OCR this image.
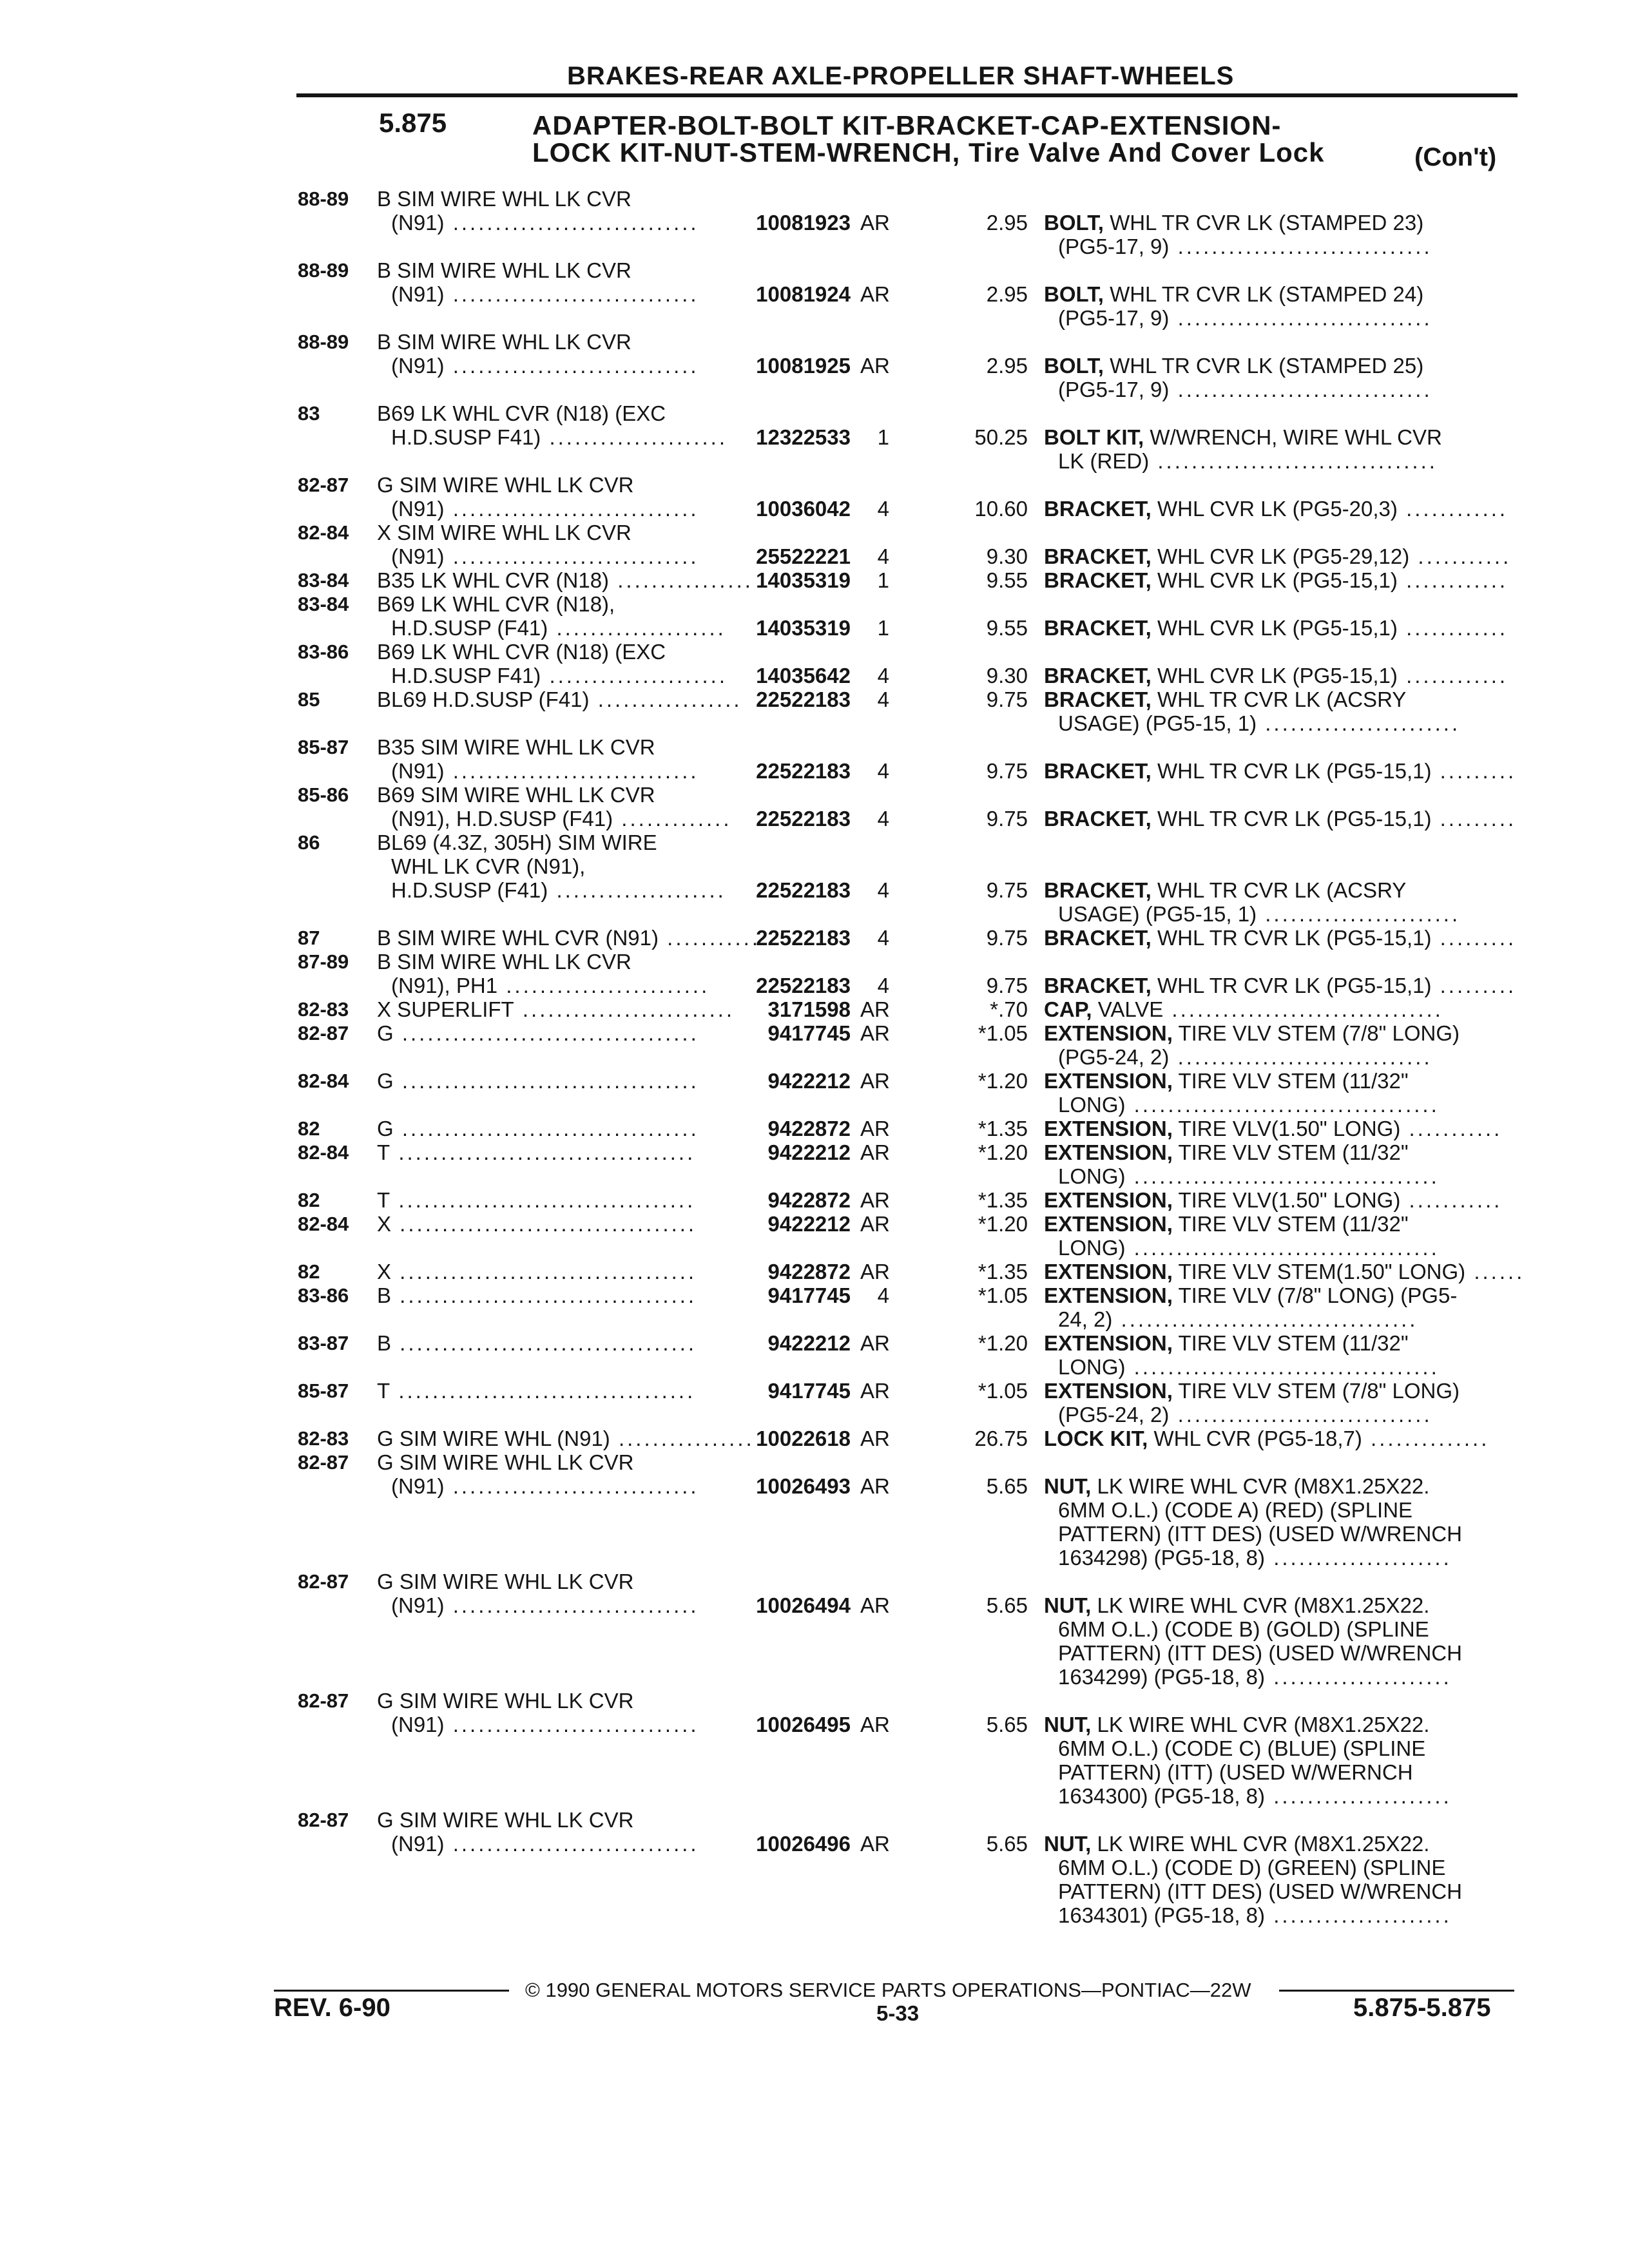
BRAKES-REAR AXLE-PROPELLER SHAFT-WHEELS
5.875	ADAPTER-BOLT-BOLT KIT-BRACKET-CAP-EXTENSION-
LOCK KIT-NUT-STEM-WRENCH, Tire Valve And Cover Lock	(Con't)
88-89	B SIM WIRE WHL LK CVR
(N91) .............................	10081923 AR	2.95 BOLT, WHL TR CVR LK (STAMPED 23)
(PG5-17, 9) ..............................
88-89	B SIM WIRE WHL LK CVR
(N91) .............................	10081924 AR	2.95 BOLT, WHL TR CVR LK (STAMPED 24)
(PG5-17, 9) ..............................
88-89	B SIM WIRE WHL LK CVR
(N91) .............................	10081925 AR	2.95 BOLT, WHL TR CVR LK (STAMPED 25)
(PG5-17, 9) ..............................
83	B69 LK WHL CVR (N18) (EXC
H.D.SUSP F41) .....................	12322533	1	50.25 BOLT KIT, W/WRENCH, WIRE WHL CVR
LK (RED) .................................
82-87	G SIM WIRE WHL LK CVR
(N91) .............................	10036042	4	10.60 BRACKET, WHL CVR LK (PG5-20,3) ............
82-84	X SIM WIRE WHL LK CVR
(N91) .............................	25522221	4	9.30 BRACKET, WHL CVR LK (PG5-29,12) ...........
83-84	B35 LK WHL CVR (N18) ................ 14035319	1	9.55 BRACKET, WHL CVR LK (PG5-15,1) ............
83-84	B69 LK WHL CVR (N18),
H.D.SUSP (F41) ....................	14035319	1	9.55 BRACKET, WHL CVR LK (PG5-15,1) ............
83-86	B69 LK WHL CVR (N18) (EXC
H.D.SUSP F41) .....................	14035642	4	9.30 BRACKET, WHL CVR LK (PG5-15,1) ............
85	BL69 H.D.SUSP (F41) ................. 22522183	4	9.75 BRACKET, WHL TR CVR LK (ACSRY
USAGE) (PG5-15, 1) .......................
85-87	B35 SIM WIRE WHL LK CVR
(N91) .............................	22522183	4	9.75 BRACKET, WHL TR CVR LK (PG5-15,1) .........
85-86	B69 SIM WIRE WHL LK CVR
(N91), H.D.SUSP (F41) .............	22522183	4	9.75 BRACKET, WHL TR CVR LK (PG5-15,1) .........
86	BL69 (4.3Z, 305H) SIM WIRE
WHL LK CVR (N91),
H.D.SUSP (F41) ....................	22522183	4	9.75 BRACKET, WHL TR CVR LK (ACSRY
USAGE) (PG5-15, 1) .......................
87	B SIM WIRE WHL CVR (N91) ............
22522183	4	9.75 BRACKET, WHL TR CVR LK (PG5-15,1) .........
87-89	B SIM WIRE WHL LK CVR
(N91), PH1 ........................	22522183	4	9.75 BRACKET, WHL TR CVR LK (PG5-15,1) .........
82-83	X SUPERLIFT .........................	3171598 AR	*.70 CAP, VALVE ................................
82-87	G ...................................	9417745 AR	*1.05 EXTENSION, TIRE VLV STEM (7/8" LONG)
(PG5-24, 2) ..............................
82-84	G ...................................	9422212 AR	*1.20 EXTENSION, TIRE VLV STEM (11/32"
LONG) ....................................
82	G ...................................	9422872 AR	*1.35 EXTENSION, TIRE VLV(1.50" LONG) ...........
82-84	T ...................................	9422212 AR	*1.20 EXTENSION, TIRE VLV STEM (11/32"
LONG) ....................................
82	T ...................................	9422872 AR	*1.35 EXTENSION, TIRE VLV(1.50" LONG) ...........
82-84	X ...................................	9422212 AR	*1.20 EXTENSION, TIRE VLV STEM (11/32"
LONG) ....................................
82	X ...................................	9422872 AR	*1.35 EXTENSION, TIRE VLV STEM(1.50" LONG) ......
83-86	B ...................................	9417745	4	*1.05 EXTENSION, TIRE VLV (7/8" LONG) (PG5-
24, 2) ...................................
83-87	B ...................................	9422212 AR	*1.20 EXTENSION, TIRE VLV STEM (11/32"
LONG) ....................................
85-87	T ...................................	9417745 AR	*1.05 EXTENSION, TIRE VLV STEM (7/8" LONG)
(PG5-24, 2) ..............................
82-83	G SIM WIRE WHL (N91) ................ 10022618 AR	26.75 LOCK KIT, WHL CVR (PG5-18,7) ..............
82-87	G SIM WIRE WHL LK CVR
(N91) .............................	10026493 AR	5.65 NUT, LK WIRE WHL CVR (M8X1.25X22.
6MM O.L.) (CODE A) (RED) (SPLINE
PATTERN) (ITT DES) (USED W/WRENCH
1634298) (PG5-18, 8) .....................
82-87	G SIM WIRE WHL LK CVR
(N91) .............................	10026494 AR	5.65 NUT, LK WIRE WHL CVR (M8X1.25X22.
6MM O.L.) (CODE B) (GOLD) (SPLINE
PATTERN) (ITT DES) (USED W/WRENCH
1634299) (PG5-18, 8) .....................
82-87	G SIM WIRE WHL LK CVR
(N91) .............................	10026495 AR	5.65 NUT, LK WIRE WHL CVR (M8X1.25X22.
6MM O.L.) (CODE C) (BLUE) (SPLINE
PATTERN) (ITT) (USED W/WERNCH
1634300) (PG5-18, 8) .....................
82-87	G SIM WIRE WHL LK CVR
(N91) .............................	10026496 AR	5.65 NUT, LK WIRE WHL CVR (M8X1.25X22.
6MM O.L.) (CODE D) (GREEN) (SPLINE
PATTERN) (ITT DES) (USED W/WRENCH
1634301) (PG5-18, 8) .....................
© 1990 GENERAL MOTORS SERVICE PARTS OPERATIONS—PONTIAC—22W
REV. 6-90	5-33	5.875-5.875
